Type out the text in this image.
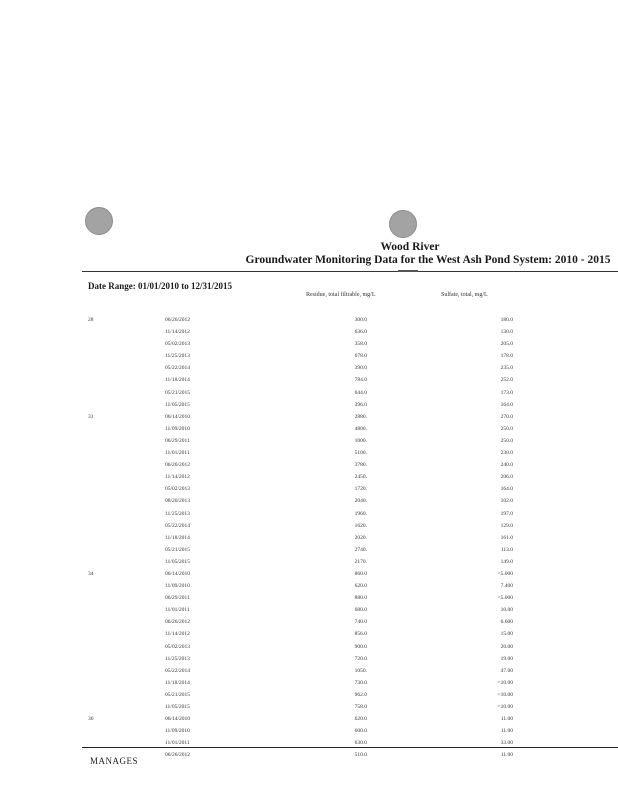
Wood River
Groundwater Monitoring Data for the West Ash Pond System: 2010 - 2015
Date Range: 01/01/2010 to 12/31/2015
Residue, total filtrable, mg/L	Sulfate, total, mg/L
28	06/26/2012	300.0	180.0
	11/14/2012	636.0	130.0
	05/02/2013	358.0	205.0
	11/25/2013	678.0	178.0
	05/22/2014	390.0	235.0
	11/18/2014	784.0	252.0
	05/21/2015	644.0	173.0
	11/05/2015	396.0	164.0
31	06/14/2010	2880.	270.0
	11/09/2010	4800.	250.0
	06/29/2011	1000.	250.0
	11/01/2011	5100.	230.0
	06/26/2012	3780.	240.0
	11/14/2012	2450.	206.0
	05/02/2013	1720.	164.0
	08/20/2013	2040.	102.0
	11/25/2013	1960.	197.0
	05/22/2014	1620.	129.0
	11/18/2014	2020.	161.0
	05/21/2015	2740.	113.0
	11/05/2015	2170.	149.0
34	06/14/2010	860.0	<5.000
	11/09/2010	620.0	7.400
	06/29/2011	880.0	<5.000
	11/01/2011	680.0	10.00
	06/26/2012	740.0	6.600
	11/14/2012	856.0	15.00
	05/02/2013	900.0	20.00
	11/25/2013	720.0	19.00
	05/22/2014	1050.	47.00
	11/18/2014	730.0	<10.00
	05/21/2015	962.0	<10.00
	11/05/2015	758.0	<10.00
36	06/14/2010	620.0	11.00
	11/09/2010	600.0	11.00
	11/01/2011	630.0	33.00
	06/26/2012	510.0	11.00
MANAGES
